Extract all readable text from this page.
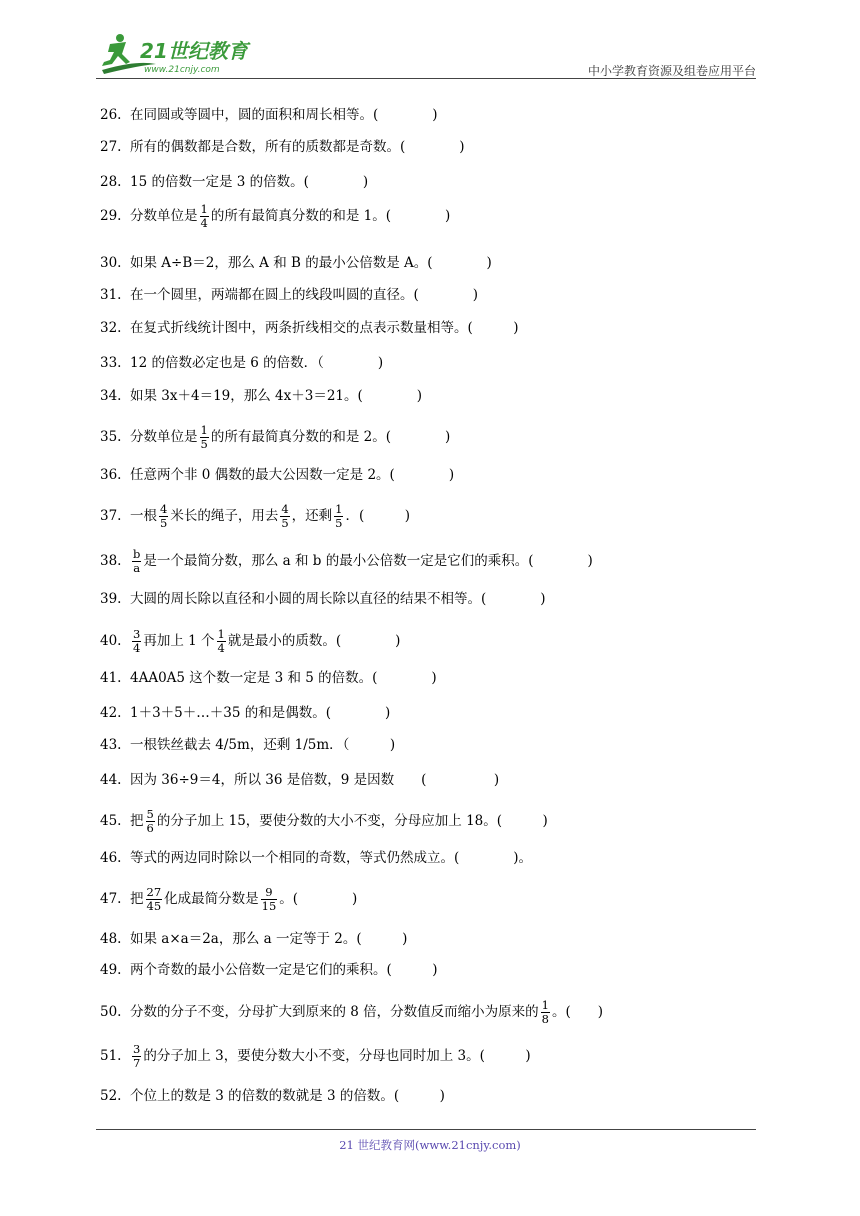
21世纪教育
www.21cnjy.com	中小学教育资源及组卷应用平台
26. 在同圆或等圆中，圆的面积和周长相等。(　　　　)
27. 所有的偶数都是合数，所有的质数都是奇数。(　　　　)
28. 15 的倍数一定是 3 的倍数。(　　　　)
29. 分数单位是 $\frac{1}{4}$ 的所有最简真分数的和是 1。(　　　　)
30. 如果 A÷B＝2，那么 A 和 B 的最小公倍数是 A。(　　　　)
31. 在一个圆里，两端都在圆上的线段叫圆的直径。(　　　　)
32. 在复式折线统计图中，两条折线相交的点表示数量相等。(　　　)
33. 12 的倍数必定也是 6 的倍数．（　　　　)
34. 如果 3x＋4＝19，那么 4x＋3＝21。(　　　　)
35. 分数单位是 $\frac{1}{5}$ 的所有最简真分数的和是 2。(　　　　)
36. 任意两个非 0 偶数的最大公因数一定是 2。(　　　　)
37. 一根 $\frac{4}{5}$ 米长的绳子，用去 $\frac{4}{5}$ ，还剩 $\frac{1}{5}$ ．(　　　)
38. $\frac{b}{a}$ 是一个最简分数，那么 a 和 b 的最小公倍数一定是它们的乘积。(　　　　)
39. 大圆的周长除以直径和小圆的周长除以直径的结果不相等。(　　　　)
40. $\frac{3}{4}$ 再加上 1 个 $\frac{1}{4}$ 就是最小的质数。(　　　　)
41. 4AA0A5 这个数一定是 3 和 5 的倍数。(　　　　)
42. 1＋3＋5＋…＋35 的和是偶数。(　　　　)
43. 一根铁丝截去 4/5m，还剩 1/5m．（　　　)
44. 因为 36÷9＝4，所以 36 是倍数，9 是因数　　(　　　　　)
45. 把 $\frac{5}{6}$ 的分子加上 15，要使分数的大小不变，分母应加上 18。(　　　)
46. 等式的两边同时除以一个相同的奇数，等式仍然成立。(　　　　)。
47. 把 $\frac{27}{45}$ 化成最简分数是 $\frac{9}{15}$ 。(　　　　)
48. 如果 a×a＝2a，那么 a 一定等于 2。(　　　)
49. 两个奇数的最小公倍数一定是它们的乘积。(　　　)
50. 分数的分子不变，分母扩大到原来的 8 倍，分数值反而缩小为原来的 $\frac{1}{8}$ 。(　　)
51. $\frac{3}{7}$ 的分子加上 3，要使分数大小不变，分母也同时加上 3。(　　　)
52. 个位上的数是 3 的倍数的数就是 3 的倍数。(　　　)
21 世纪教育网(www.21cnjy.com)
